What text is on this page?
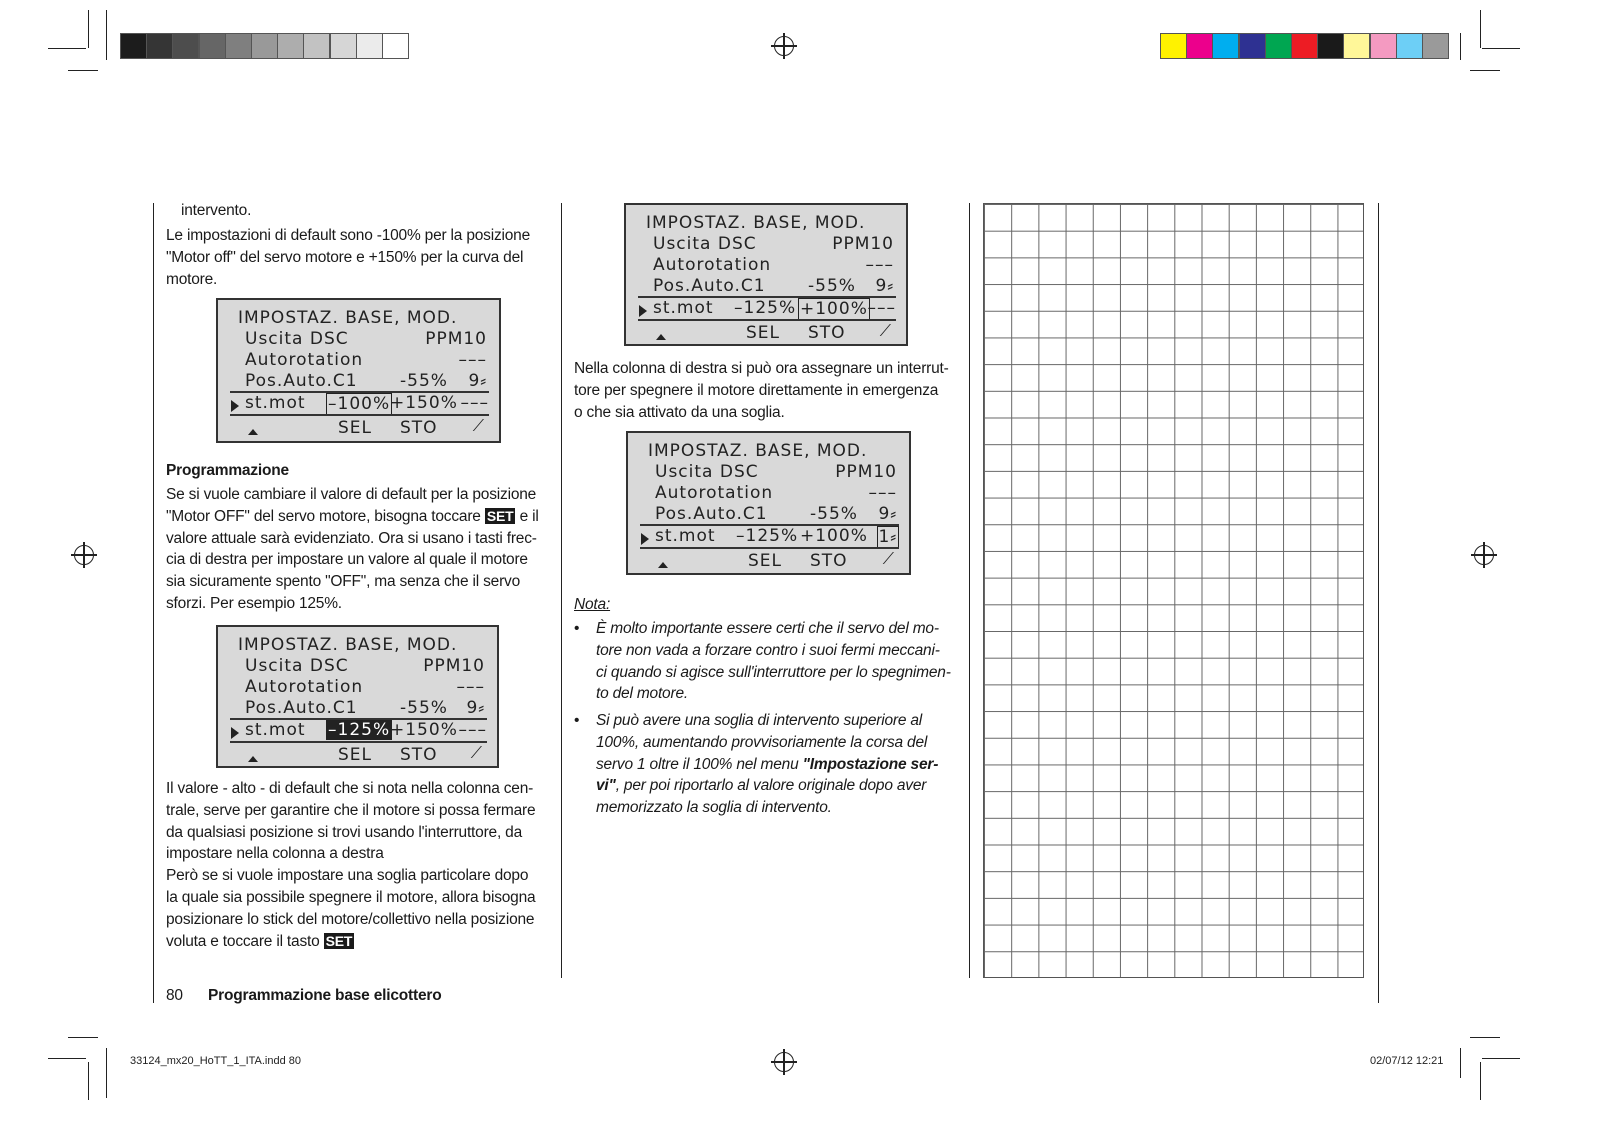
intervento.
Le impostazioni di default sono -100% per la posizione
"Motor off" del servo motore e +150% per la curva del
motore.
IMPOSTAZ. BASE, MOD.
Uscita DSC	PPM10
Autorotation	–––
Pos.Auto.C1 -55% 9⸗
st.mot –100% +150% –––
SEL STO ⟋
Programmazione
Se si vuole cambiare il valore di default per la posizione
"Motor OFF" del servo motore, bisogna toccare SET e il
valore attuale sarà evidenziato. Ora si usano i tasti frec-
cia di destra per impostare un valore al quale il motore
sia sicuramente spento "OFF", ma senza che il servo
sforzi. Per esempio 125%.
IMPOSTAZ. BASE, MOD.
Uscita DSC	PPM10
Autorotation	–––
Pos.Auto.C1 -55% 9⸗
st.mot –125% +150% –––
SEL STO ⟋
Il valore - alto - di default che si nota nella colonna cen-
trale, serve per garantire che il motore si possa fermare
da qualsiasi posizione si trovi usando l'interruttore, da
impostare nella colonna a destra
Però se si vuole impostare una soglia particolare dopo
la quale sia possibile spegnere il motore, allora bisogna
posizionare lo stick del motore/collettivo nella posizione
voluta e toccare il tasto SET
IMPOSTAZ. BASE, MOD.
Uscita DSC	PPM10
Autorotation	–––
Pos.Auto.C1 -55% 9⸗
st.mot –125% +100% –––
SEL STO ⟋
Nella colonna di destra si può ora assegnare un interrut-
tore per spegnere il motore direttamente in emergenza
o che sia attivato da una soglia.
IMPOSTAZ. BASE, MOD.
Uscita DSC	PPM10
Autorotation	–––
Pos.Auto.C1 -55% 9⸗
st.mot –125% +100% 1⸗
SEL STO ⟋
Nota:
• È molto importante essere certi che il servo del mo-
tore non vada a forzare contro i suoi fermi meccani-
ci quando si agisce sull'interruttore per lo spegnimen-
to del motore.
• Si può avere una soglia di intervento superiore al
100%, aumentando provvisoriamente la corsa del
servo 1 oltre il 100% nel menu "Impostazione ser-
vi", per poi riportarlo al valore originale dopo aver
memorizzato la soglia di intervento.
80 Programmazione base elicottero
33124_mx20_HoTT_1_ITA.indd 80	02/07/12 12:21
